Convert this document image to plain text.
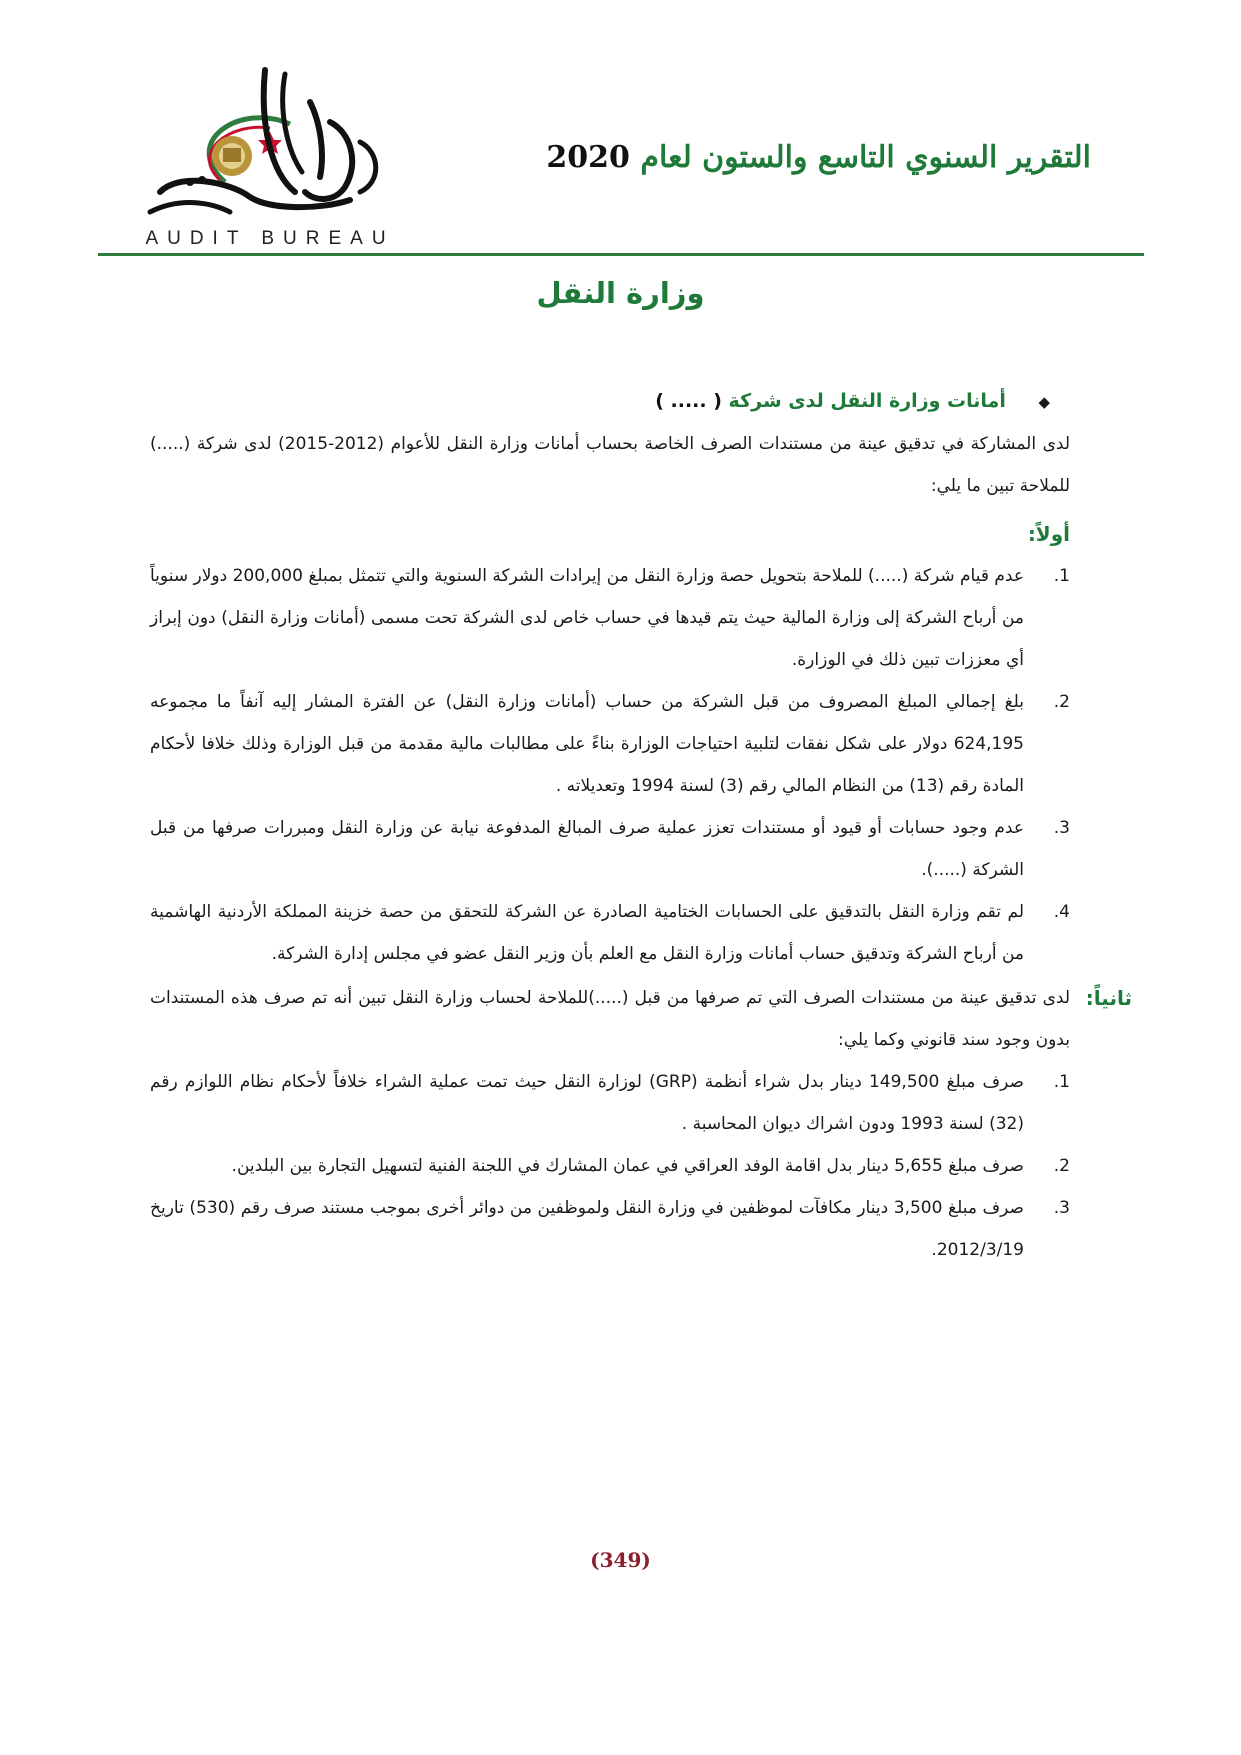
AUDIT BUREAU
التقرير السنوي التاسع والستون لعام 2020
وزارة النقل
◆ أمانات وزارة النقل لدى شركة ( ..... )
لدى المشاركة في تدقيق عينة من مستندات الصرف الخاصة بحساب أمانات وزارة النقل للأعوام (2012-2015) لدى شركة (.....) للملاحة تبين ما يلي:
أولاً:
1.
عدم قيام شركة (.....) للملاحة بتحويل حصة وزارة النقل من إيرادات الشركة السنوية والتي تتمثل بمبلغ 200,000 دولار سنوياً من أرباح الشركة إلى وزارة المالية حيث يتم قيدها في حساب خاص لدى الشركة تحت مسمى (أمانات وزارة النقل) دون إبراز أي معززات تبين ذلك في الوزارة.
2.
بلغ إجمالي المبلغ المصروف من قبل الشركة من حساب (أمانات وزارة النقل) عن الفترة المشار إليه آنفاً ما مجموعه 624,195 دولار على شكل نفقات لتلبية احتياجات الوزارة بناءً على مطالبات مالية مقدمة من قبل الوزارة وذلك خلافا لأحكام المادة رقم (13) من النظام المالي رقم (3) لسنة 1994 وتعديلاته .
3.
عدم وجود حسابات أو قيود أو مستندات تعزز عملية صرف المبالغ المدفوعة نيابة عن وزارة النقل ومبررات صرفها من قبل الشركة (.....).
4.
لم تقم وزارة النقل بالتدقيق على الحسابات الختامية الصادرة عن الشركة للتحقق من حصة خزينة المملكة الأردنية الهاشمية من أرباح الشركة وتدقيق حساب أمانات وزارة النقل مع العلم بأن وزير النقل عضو في مجلس إدارة الشركة.
ثانياً:
لدى تدقيق عينة من مستندات الصرف التي تم صرفها من قبل (.....)للملاحة لحساب وزارة النقل تبين أنه تم صرف هذه المستندات بدون وجود سند قانوني وكما يلي:
1.
صرف مبلغ 149,500 دينار بدل شراء أنظمة (GRP) لوزارة النقل حيث تمت عملية الشراء خلافاً لأحكام نظام اللوازم رقم (32) لسنة 1993 ودون اشراك ديوان المحاسبة .
2.
صرف مبلغ 5,655 دينار بدل اقامة الوفد العراقي في عمان المشارك في اللجنة الفنية لتسهيل التجارة بين البلدين.
3.
صرف مبلغ 3,500 دينار مكافآت لموظفين في وزارة النقل ولموظفين من دوائر أخرى بموجب مستند صرف رقم (530) تاريخ 2012/3/19.
(349)
